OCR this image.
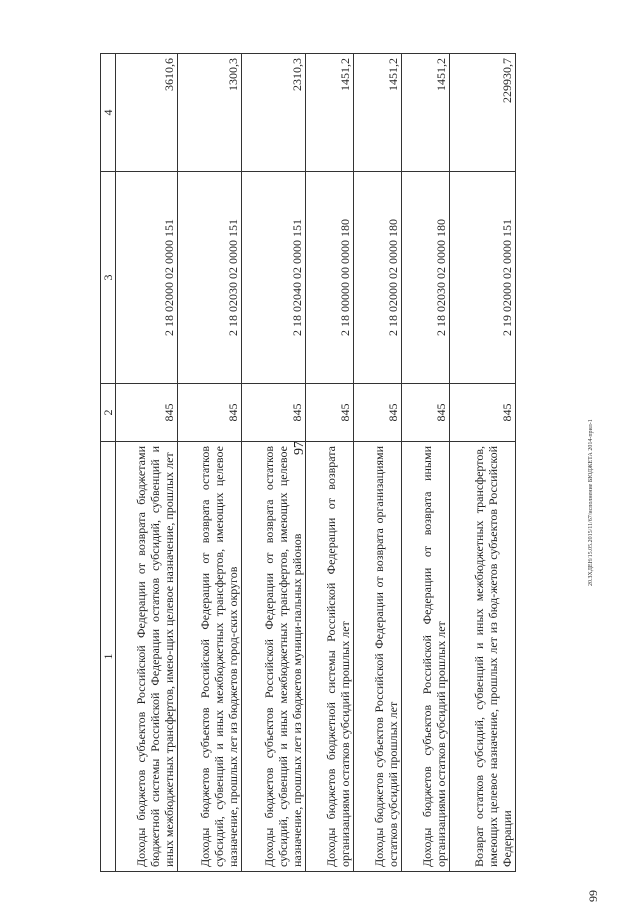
97	20.ЗХДЕН/15.05.2015/11/67/исполнение БЮДЖЕТА 2014-прил-1
99
1	2	3	4
Доходы бюджетов субъектов Российской Федерации от возврата бюджетами бюджетной системы Российской Федерации остатков субсидий, субвенций и иных межбюджетных трансфертов, имею-щих целевое назначение, прошлых лет	845	2 18 02000 02 0000 151	3610,6
Доходы бюджетов субъектов Российской Федерации от возврата остатков субсидий, субвенций и иных межбюджетных трансфертов, имеющих целевое назначение, прошлых лет из бюджетов город-ских округов	845	2 18 02030 02 0000 151	1300,3
Доходы бюджетов субъектов Российской Федерации от возврата остатков субсидий, субвенций и иных межбюджетных трансфертов, имеющих целевое назначение, прошлых лет из бюджетов муници-пальных районов	845	2 18 02040 02 0000 151	2310,3
Доходы бюджетов бюджетной системы Российской Федерации от возврата организациями остатков субсидий прошлых лет	845	2 18 00000 00 0000 180	1451,2
Доходы бюджетов субъектов Российской Федерации от возврата организациями остатков субсидий прошлых лет	845	2 18 02000 02 0000 180	1451,2
Доходы бюджетов субъектов Российской Федерации от возврата иными организациями остатков субсидий прошлых лет	845	2 18 02030 02 0000 180	1451,2
Возврат остатков субсидий, субвенций и иных межбюджетных трансфертов, имеющих целевое назначение, прошлых лет из бюд-жетов субъектов Российской Федерации	845	2 19 02000 02 0000 151	229930,7
